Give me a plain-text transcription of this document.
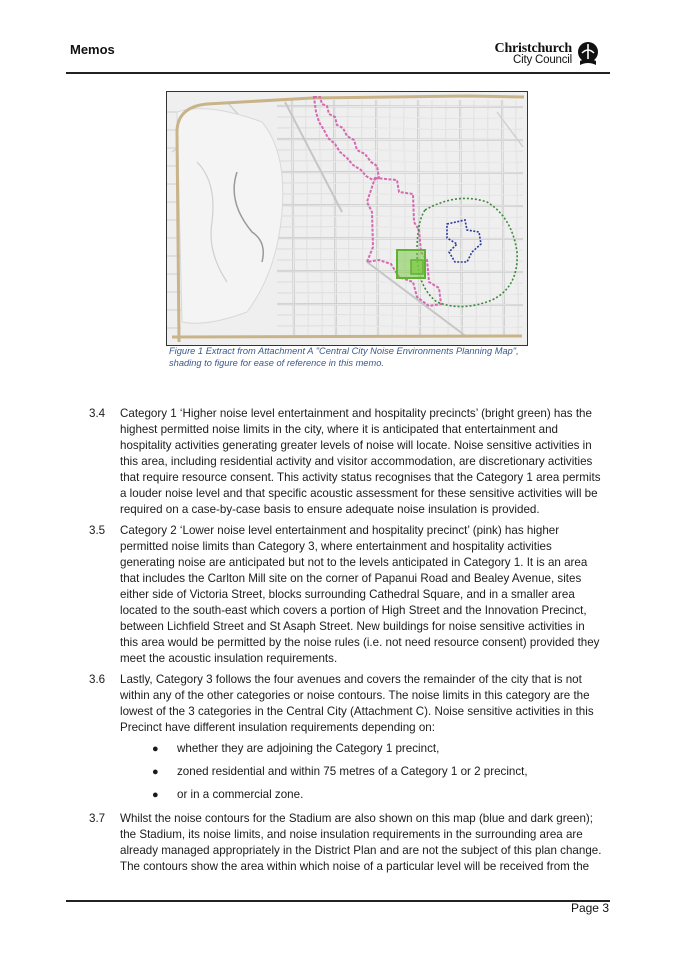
Memos	Christchurch
City Council
Figure 1 Extract from Attachment A "Central City Noise Environments Planning Map",
shading to figure for ease of reference in this memo.
3.4 Category 1 ‘Higher noise level entertainment and hospitality precincts’ (bright green) has the
highest permitted noise limits in the city, where it is anticipated that entertainment and
hospitality activities generating greater levels of noise will locate. Noise sensitive activities in
this area, including residential activity and visitor accommodation, are discretionary activities
that require resource consent. This activity status recognises that the Category 1 area permits
a louder noise level and that specific acoustic assessment for these sensitive activities will be
required on a case-by-case basis to ensure adequate noise insulation is provided.
3.5 Category 2 ‘Lower noise level entertainment and hospitality precinct’ (pink) has higher
permitted noise limits than Category 3, where entertainment and hospitality activities
generating noise are anticipated but not to the levels anticipated in Category 1. It is an area
that includes the Carlton Mill site on the corner of Papanui Road and Bealey Avenue, sites
either side of Victoria Street, blocks surrounding Cathedral Square, and in a smaller area
located to the south-east which covers a portion of High Street and the Innovation Precinct,
between Lichfield Street and St Asaph Street. New buildings for noise sensitive activities in
this area would be permitted by the noise rules (i.e. not need resource consent) provided they
meet the acoustic insulation requirements.
3.6 Lastly, Category 3 follows the four avenues and covers the remainder of the city that is not
within any of the other categories or noise contours. The noise limits in this category are the
lowest of the 3 categories in the Central City (Attachment C). Noise sensitive activities in this
Precinct have different insulation requirements depending on:
● whether they are adjoining the Category 1 precinct,
● zoned residential and within 75 metres of a Category 1 or 2 precinct,
● or in a commercial zone.
3.7 Whilst the noise contours for the Stadium are also shown on this map (blue and dark green);
the Stadium, its noise limits, and noise insulation requirements in the surrounding area are
already managed appropriately in the District Plan and are not the subject of this plan change.
The contours show the area within which noise of a particular level will be received from the
Page 3
